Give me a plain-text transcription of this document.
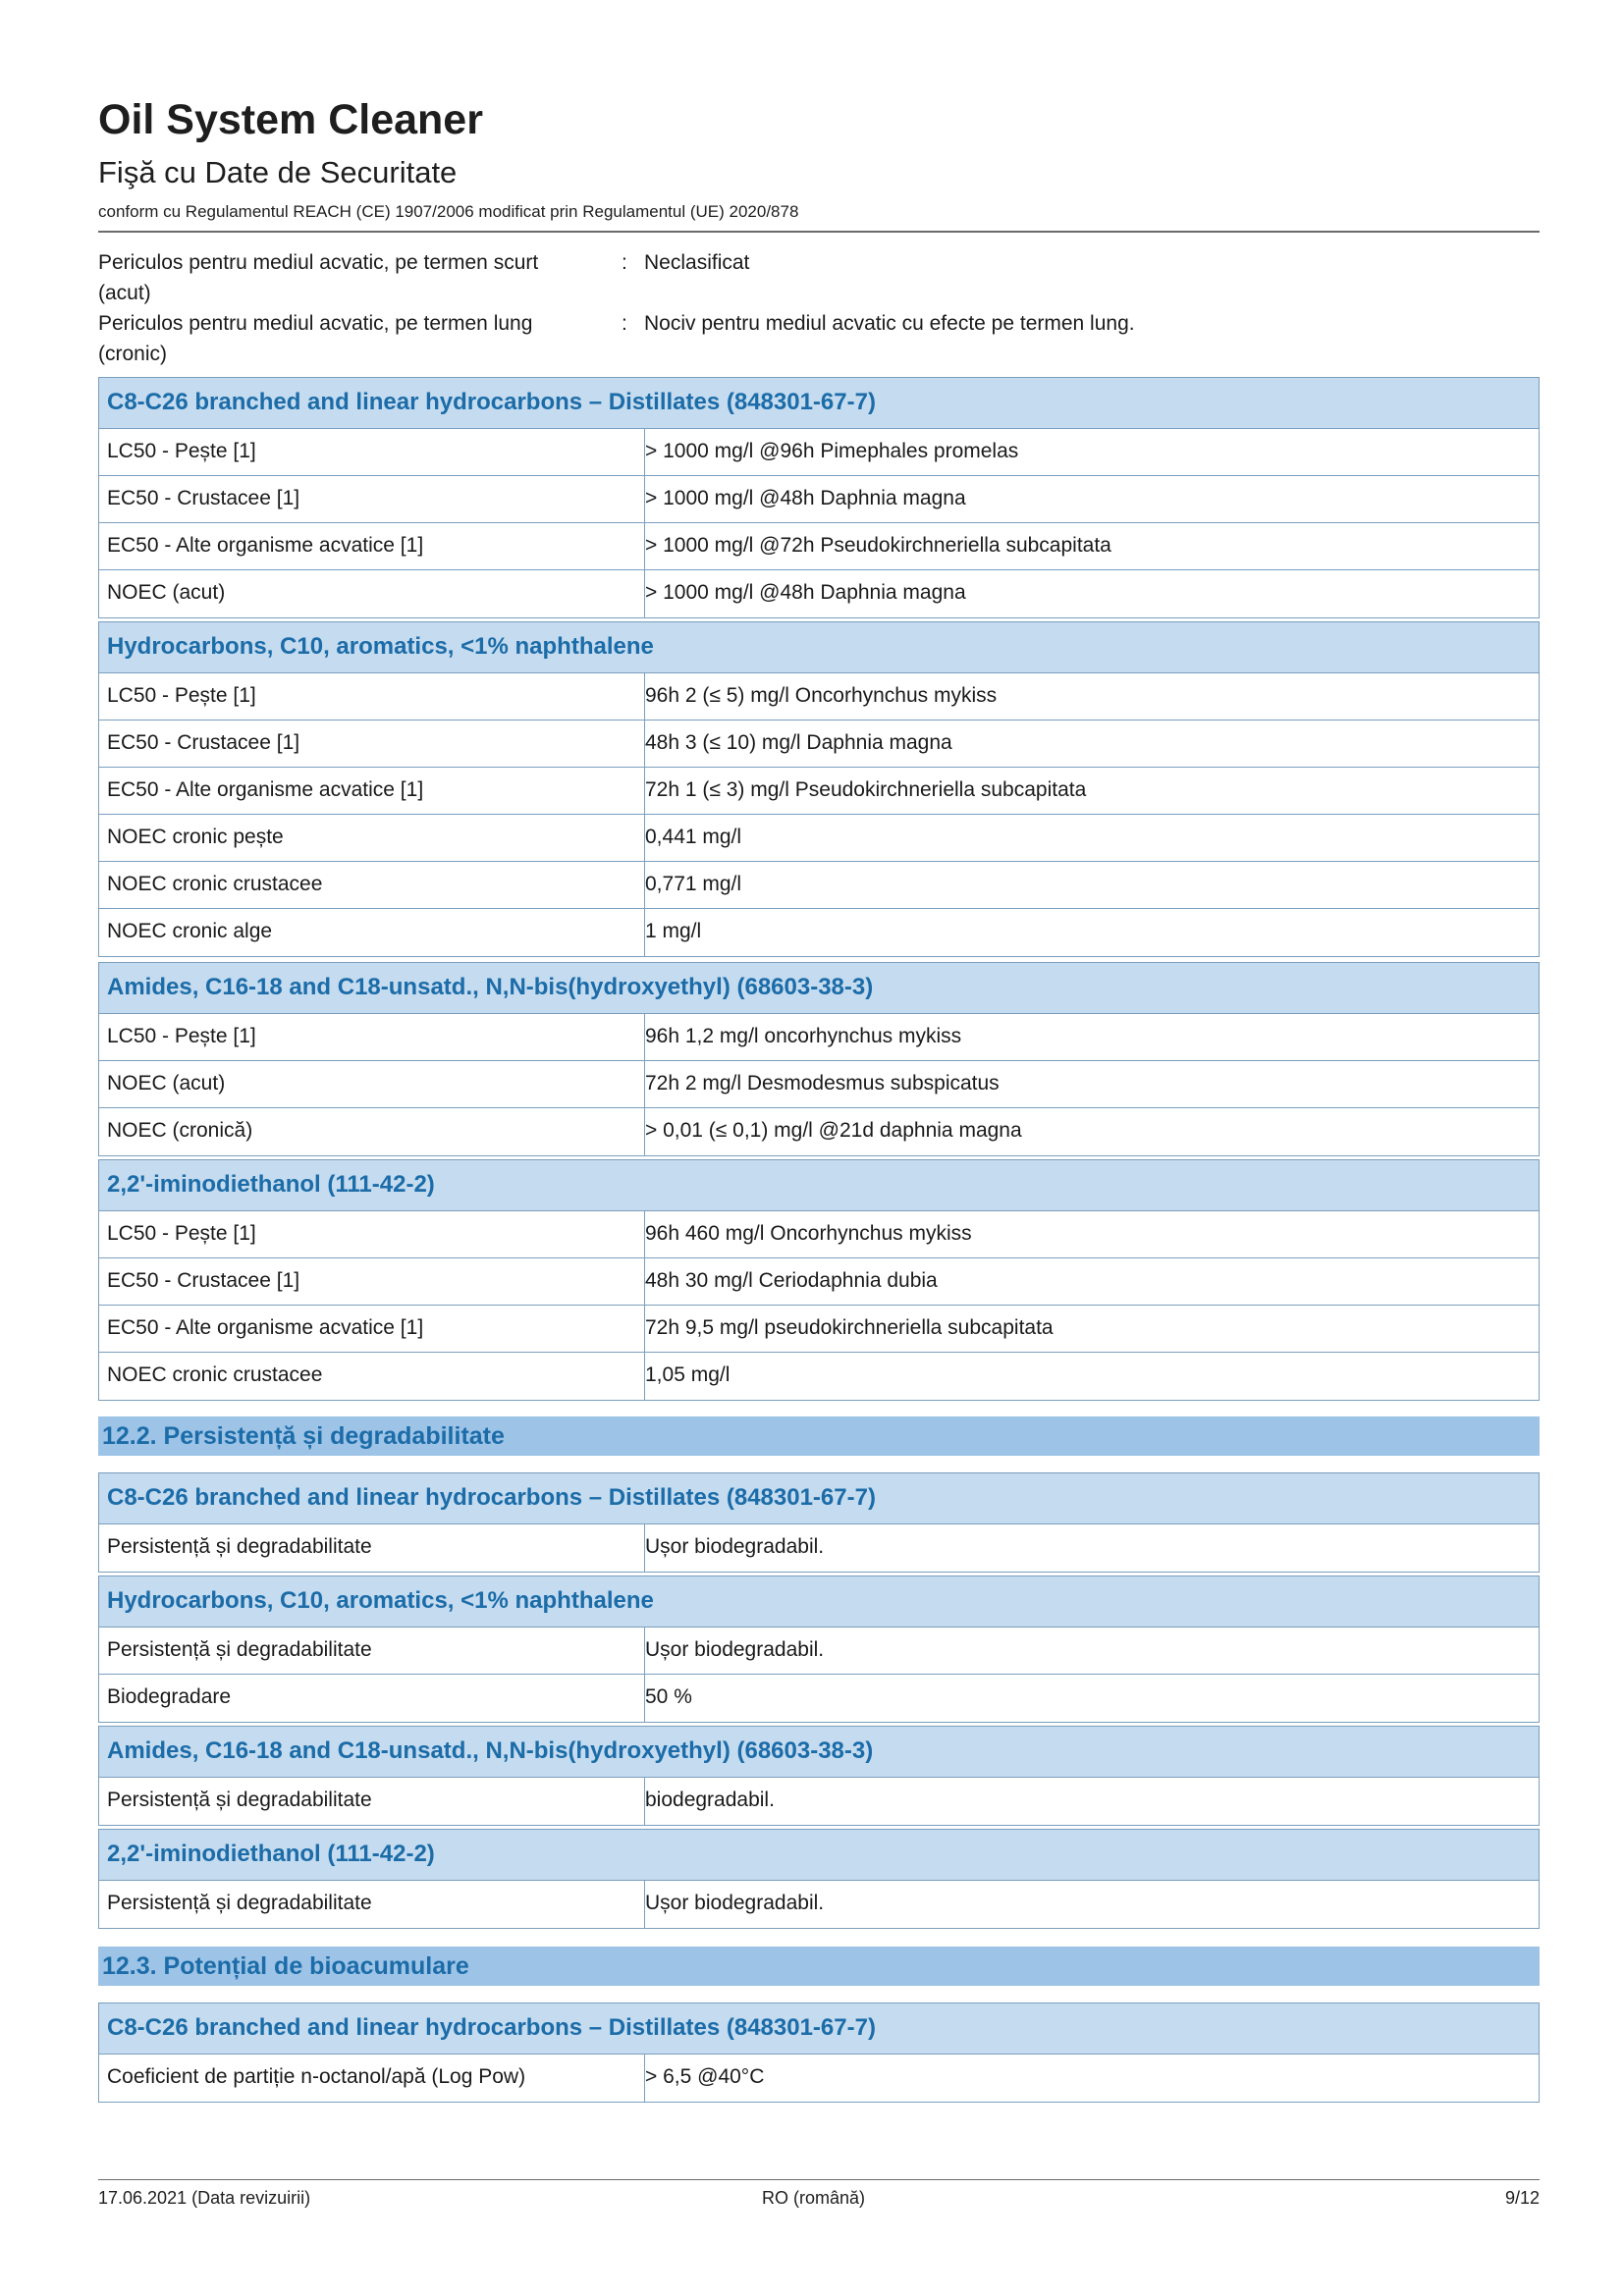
Oil System Cleaner
Fişă cu Date de Securitate
conform cu Regulamentul REACH (CE) 1907/2006 modificat prin Regulamentul (UE) 2020/878
Periculos pentru mediul acvatic, pe termen scurt
(acut)
: Neclasificat
Periculos pentru mediul acvatic, pe termen lung
(cronic)
: Nociv pentru mediul acvatic cu efecte pe termen lung.
C8-C26 branched and linear hydrocarbons – Distillates (848301-67-7)
LC50 - Pește [1]	> 1000 mg/l @96h Pimephales promelas
EC50 - Crustacee [1]	> 1000 mg/l @48h Daphnia magna
EC50 - Alte organisme acvatice [1]	> 1000 mg/l @72h Pseudokirchneriella subcapitata
NOEC (acut)	> 1000 mg/l @48h Daphnia magna
Hydrocarbons, C10, aromatics, <1% naphthalene
LC50 - Pește [1]	96h 2 (≤ 5) mg/l Oncorhynchus mykiss
EC50 - Crustacee [1]	48h 3 (≤ 10) mg/l Daphnia magna
EC50 - Alte organisme acvatice [1]	72h 1 (≤ 3) mg/l Pseudokirchneriella subcapitata
NOEC cronic pește	0,441 mg/l
NOEC cronic crustacee	0,771 mg/l
NOEC cronic alge	1 mg/l
Amides, C16-18 and C18-unsatd., N,N-bis(hydroxyethyl) (68603-38-3)
LC50 - Pește [1]	96h 1,2 mg/l oncorhynchus mykiss
NOEC (acut)	72h 2 mg/l Desmodesmus subspicatus
NOEC (cronică)	> 0,01 (≤ 0,1) mg/l @21d daphnia magna
2,2'-iminodiethanol (111-42-2)
LC50 - Pește [1]	96h 460 mg/l Oncorhynchus mykiss
EC50 - Crustacee [1]	48h 30 mg/l Ceriodaphnia dubia
EC50 - Alte organisme acvatice [1]	72h 9,5 mg/l pseudokirchneriella subcapitata
NOEC cronic crustacee	1,05 mg/l
12.2. Persistență și degradabilitate
C8-C26 branched and linear hydrocarbons – Distillates (848301-67-7)
Persistență și degradabilitate	Ușor biodegradabil.
Hydrocarbons, C10, aromatics, <1% naphthalene
Persistență și degradabilitate	Ușor biodegradabil.
Biodegradare	50 %
Amides, C16-18 and C18-unsatd., N,N-bis(hydroxyethyl) (68603-38-3)
Persistență și degradabilitate	biodegradabil.
2,2'-iminodiethanol (111-42-2)
Persistență și degradabilitate	Ușor biodegradabil.
12.3. Potențial de bioacumulare
C8-C26 branched and linear hydrocarbons – Distillates (848301-67-7)
Coeficient de partiție n-octanol/apă (Log Pow)	> 6,5 @40°C
17.06.2021 (Data revizuirii)	RO (română)	9/12
